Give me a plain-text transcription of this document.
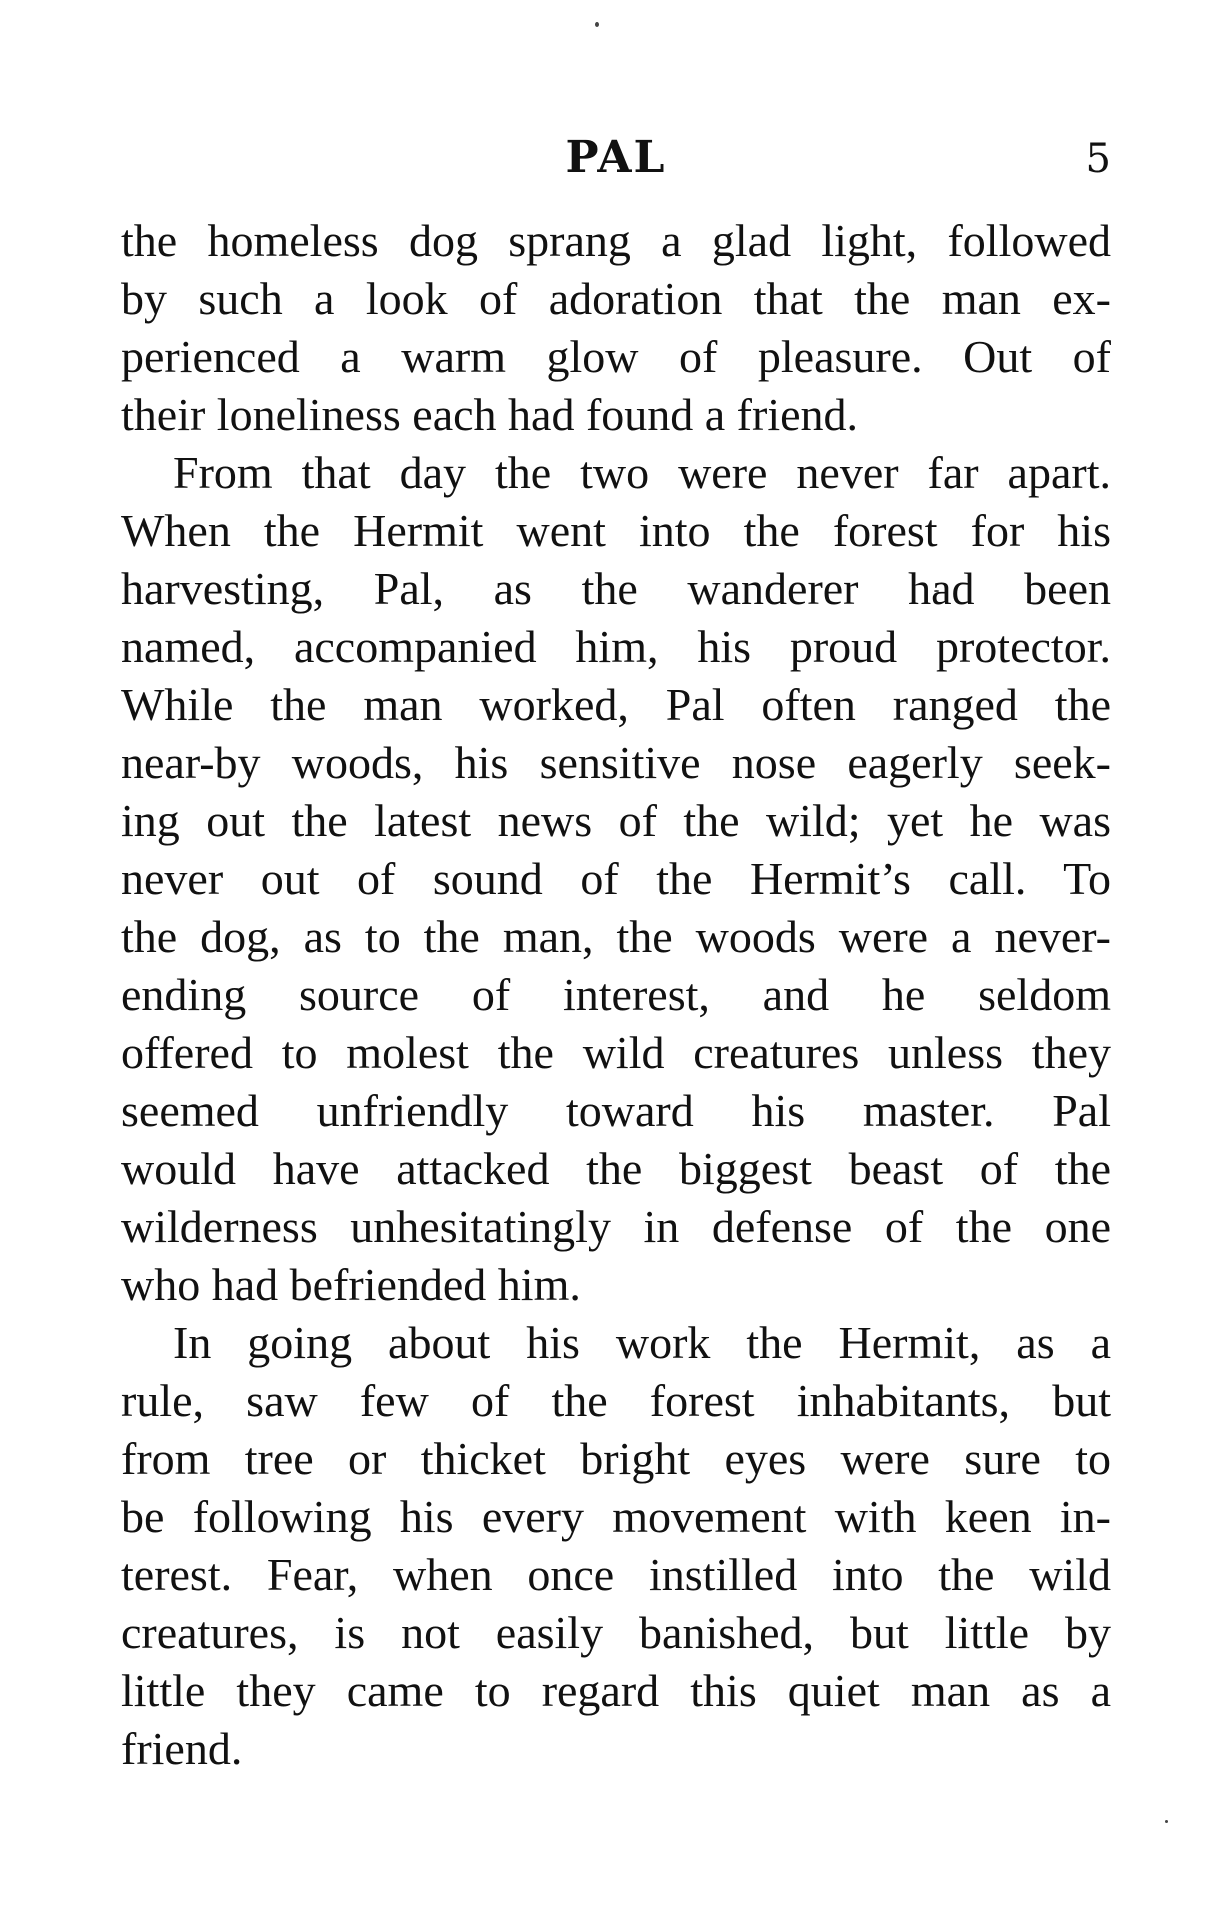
PAL	5
the homeless dog sprang a glad light, followed
by such a look of adoration that the man ex-
perienced a warm glow of pleasure. Out of
their loneliness each had found a friend.
From that day the two were never far apart.
When the Hermit went into the forest for his
harvesting, Pal, as the wanderer had been
named, accompanied him, his proud protector.
While the man worked, Pal often ranged the
near-by woods, his sensitive nose eagerly seek-
ing out the latest news of the wild; yet he was
never out of sound of the Hermit’s call. To
the dog, as to the man, the woods were a never-
ending source of interest, and he seldom
offered to molest the wild creatures unless they
seemed unfriendly toward his master. Pal
would have attacked the biggest beast of the
wilderness unhesitatingly in defense of the one
who had befriended him.
In going about his work the Hermit, as a
rule, saw few of the forest inhabitants, but
from tree or thicket bright eyes were sure to
be following his every movement with keen in-
terest. Fear, when once instilled into the wild
creatures, is not easily banished, but little by
little they came to regard this quiet man as a
friend.
